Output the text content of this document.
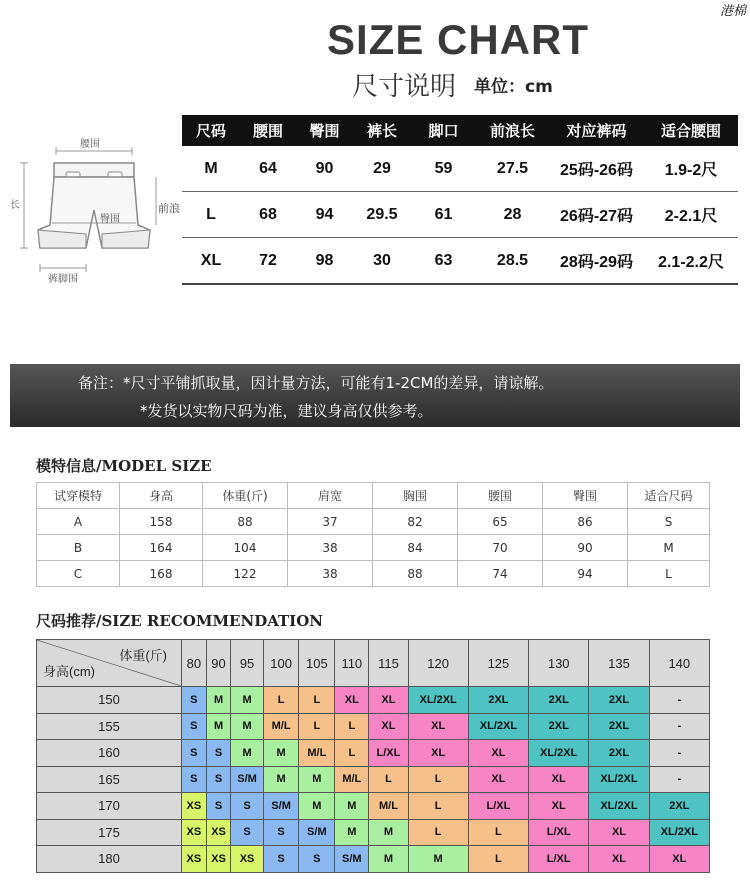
港棉
SIZE CHART
尺寸说明 单位：cm
腰围
长
臀围
前浪
裤脚围
尺码	腰围	臀围	裤长	脚口	前浪长	对应裤码	适合腰围
M	64	90	29	59	27.5	25码-26码	1.9-2尺
L	68	94	29.5	61	28	26码-27码	2-2.1尺
XL	72	98	30	63	28.5	28码-29码	2.1-2.2尺
备注：*尺寸平铺抓取量，因计量方法，可能有1-2CM的差异，请谅解。
*发货以实物尺码为准，建议身高仅供参考。
模特信息/MODEL SIZE
试穿模特	身高	体重(斤)	肩宽	胸围	腰围	臀围	适合尺码
A	158	88	37	82	65	86	S
B	164	104	38	84	70	90	M
C	168	122	38	88	74	94	L
尺码推荐/SIZE RECOMMENDATION
体重(斤)
身高(cm)	80	90	95	100	105	110	115	120	125	130	135	140
150	S	M	M	L	L	XL	XL	XL/2XL	2XL	2XL	2XL	-
155	S	M	M	M/L	L	L	XL	XL	XL/2XL	2XL	2XL	-
160	S	S	M	M	M/L	L	L/XL	XL	XL	XL/2XL	2XL	-
165	S	S	S/M	M	M	M/L	L	L	XL	XL	XL/2XL	-
170	XS	S	S	S/M	M	M	M/L	L	L/XL	XL	XL/2XL	2XL
175	XS	XS	S	S	S/M	M	M	L	L	L/XL	XL	XL/2XL
180	XS	XS	XS	S	S	S/M	M	M	L	L/XL	XL	XL
